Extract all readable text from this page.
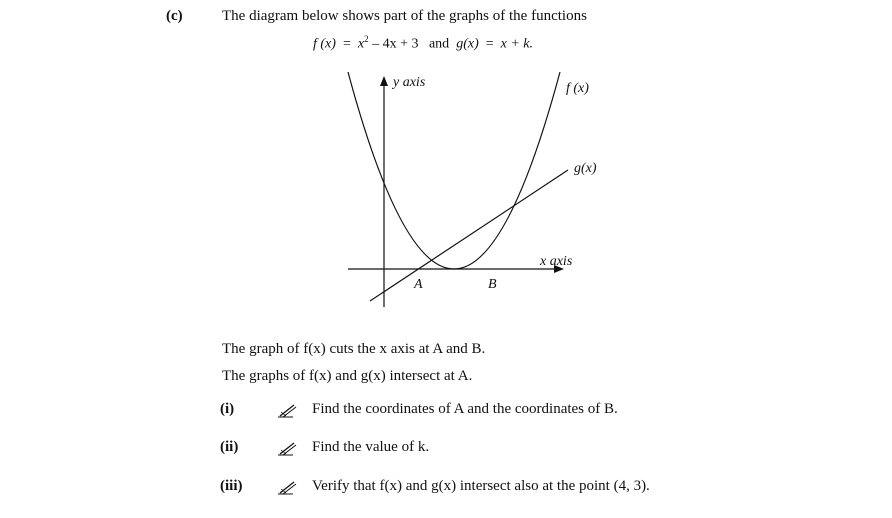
(c)	The diagram below shows part of the graphs of the functions
f $(x) = x^2 - 4x + 3$ and g(x) = x + k.
y axis
x axis
f (x)
g(x)
A	B
The graph of f(x) cuts the x axis at A and B.
The graphs of f(x) and g(x) intersect at A.
(i)	Find the coordinates of A and the coordinates of B.
(ii)	Find the value of k.
(iii)	Verify that f(x) and g(x) intersect also at the point (4, 3).
